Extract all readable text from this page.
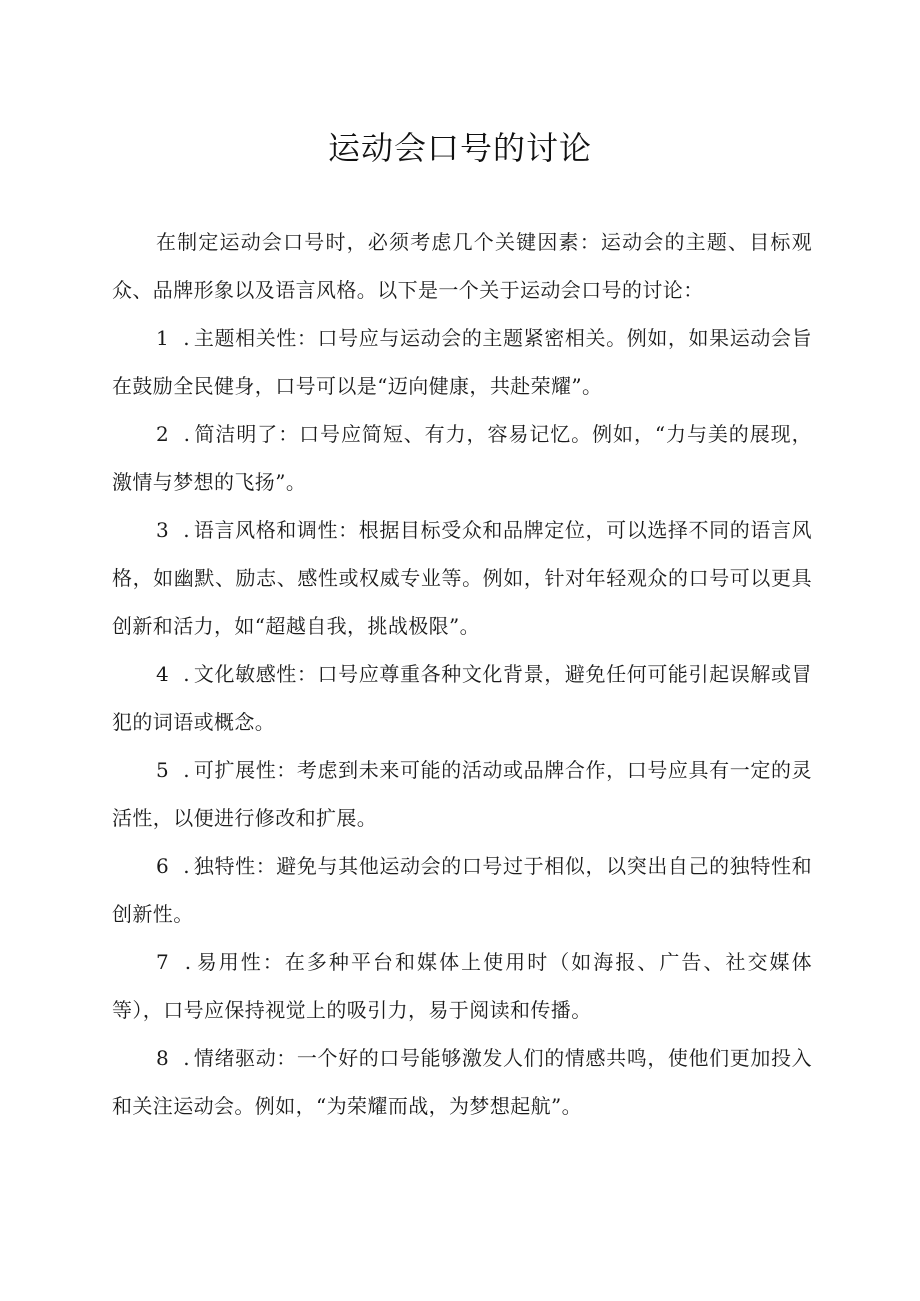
运动会口号的讨论

在制定运动会口号时，必须考虑几个关键因素：运动会的主题、目标观众、品牌形象以及语言风格。以下是一个关于运动会口号的讨论：

1 .主题相关性：口号应与运动会的主题紧密相关。例如，如果运动会旨在鼓励全民健身，口号可以是“迈向健康，共赴荣耀”。

2 .简洁明了：口号应简短、有力，容易记忆。例如，“力与美的展现，激情与梦想的飞扬”。

3 .语言风格和调性：根据目标受众和品牌定位，可以选择不同的语言风格，如幽默、励志、感性或权威专业等。例如，针对年轻观众的口号可以更具创新和活力，如“超越自我，挑战极限”。

4 .文化敏感性：口号应尊重各种文化背景，避免任何可能引起误解或冒犯的词语或概念。

5 .可扩展性：考虑到未来可能的活动或品牌合作，口号应具有一定的灵活性，以便进行修改和扩展。

6 .独特性：避免与其他运动会的口号过于相似，以突出自己的独特性和创新性。

7 .易用性：在多种平台和媒体上使用时（如海报、广告、社交媒体等），口号应保持视觉上的吸引力，易于阅读和传播。

8 .情绪驱动：一个好的口号能够激发人们的情感共鸣，使他们更加投入和关注运动会。例如，“为荣耀而战，为梦想起航”。
